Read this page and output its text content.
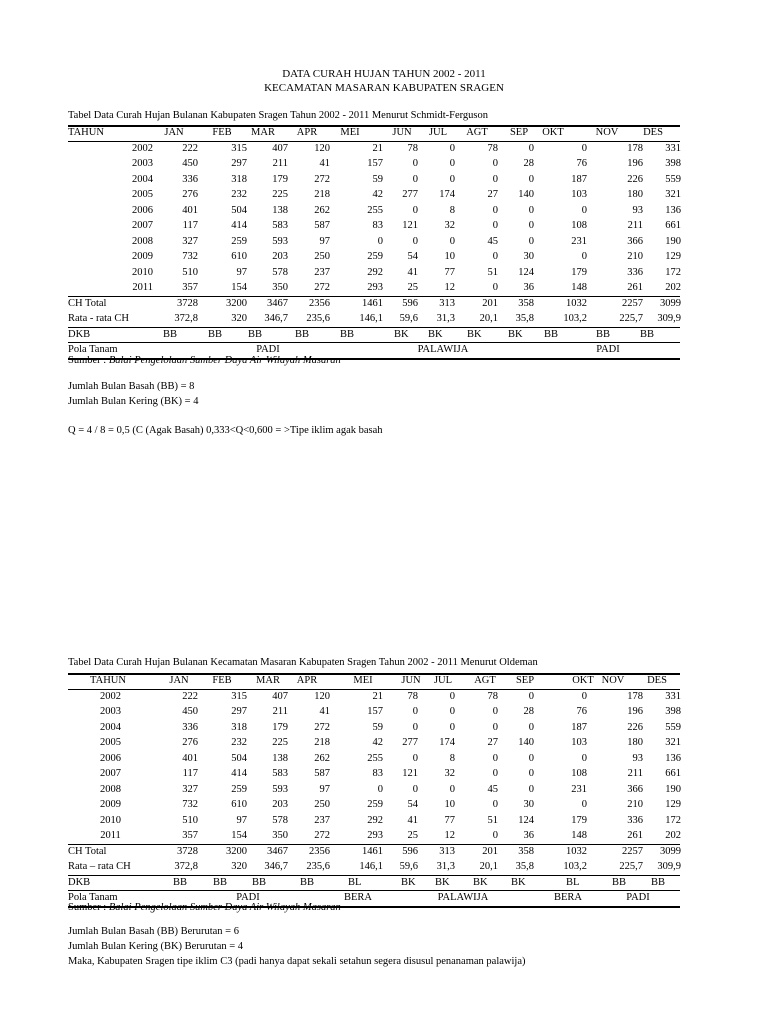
DATA CURAH HUJAN TAHUN 2002 - 2011
KECAMATAN MASARAN KABUPATEN SRAGEN
Tabel Data Curah Hujan Bulanan Kabupaten Sragen Tahun 2002 - 2011 Menurut Schmidt-Ferguson
TAHUN	JAN	FEB	MAR	APR	MEI	JUN	JUL	AGT	SEP	OKT	NOV	DES
2002	222	315	407	120	21	78	0	78	0	0	178	331
2003	450	297	211	41	157	0	0	0	28	76	196	398
2004	336	318	179	272	59	0	0	0	0	187	226	559
2005	276	232	225	218	42	277	174	27	140	103	180	321
2006	401	504	138	262	255	0	8	0	0	0	93	136
2007	117	414	583	587	83	121	32	0	0	108	211	661
2008	327	259	593	97	0	0	0	45	0	231	366	190
2009	732	610	203	250	259	54	10	0	30	0	210	129
2010	510	97	578	237	292	41	77	51	124	179	336	172
2011	357	154	350	272	293	25	12	0	36	148	261	202
CH Total	3728	3200	3467	2356	1461	596	313	201	358	1032	2257	3099
Rata - rata CH	372,8	320	346,7	235,6	146,1	59,6	31,3	20,1	35,8	103,2	225,7	309,9
DKB	BB	BB	BB	BB	BB	BK	BK	BK	BK	BB	BB	BB
Pola Tanam	PADI	PALAWIJA	PADI
Sumber : Balai Pengelolaan Sumber Daya Air Wilayah Masaran
Jumlah Bulan Basah (BB) = 8
Jumlah Bulan Kering (BK) = 4
Q = 4 / 8 = 0,5 (C (Agak Basah) 0,333<Q<0,600 = >Tipe iklim agak basah
Tabel Data Curah Hujan Bulanan Kecamatan Masaran Kabupaten Sragen Tahun 2002 - 2011 Menurut Oldeman
TAHUN	JAN	FEB	MAR	APR	MEI	JUN	JUL	AGT	SEP	OKT NOV	DES
2002	222	315	407	120	21	78	0	78	0	0	178	331
2003	450	297	211	41	157	0	0	0	28	76	196	398
2004	336	318	179	272	59	0	0	0	0	187	226	559
2005	276	232	225	218	42	277	174	27	140	103	180	321
2006	401	504	138	262	255	0	8	0	0	0	93	136
2007	117	414	583	587	83	121	32	0	0	108	211	661
2008	327	259	593	97	0	0	0	45	0	231	366	190
2009	732	610	203	250	259	54	10	0	30	0	210	129
2010	510	97	578	237	292	41	77	51	124	179	336	172
2011	357	154	350	272	293	25	12	0	36	148	261	202
CH Total	3728	3200	3467	2356	1461	596	313	201	358	1032	2257	3099
Rata – rata CH	372,8	320	346,7	235,6	146,1	59,6	31,3	20,1	35,8	103,2	225,7	309,9
DKB	BB	BB	BB	BB	BL	BK	BK	BK	BK	BL	BB	BB
Pola Tanam	PADI	BERA	PALAWIJA	BERA	PADI
Sumber : Balai Pengelolaan Sumber Daya Air Wilayah Masaran
Jumlah Bulan Basah (BB) Berurutan = 6
Jumlah Bulan Kering (BK) Berurutan = 4
Maka, Kabupaten Sragen tipe iklim C3 (padi hanya dapat sekali setahun segera disusul penanaman palawija)
